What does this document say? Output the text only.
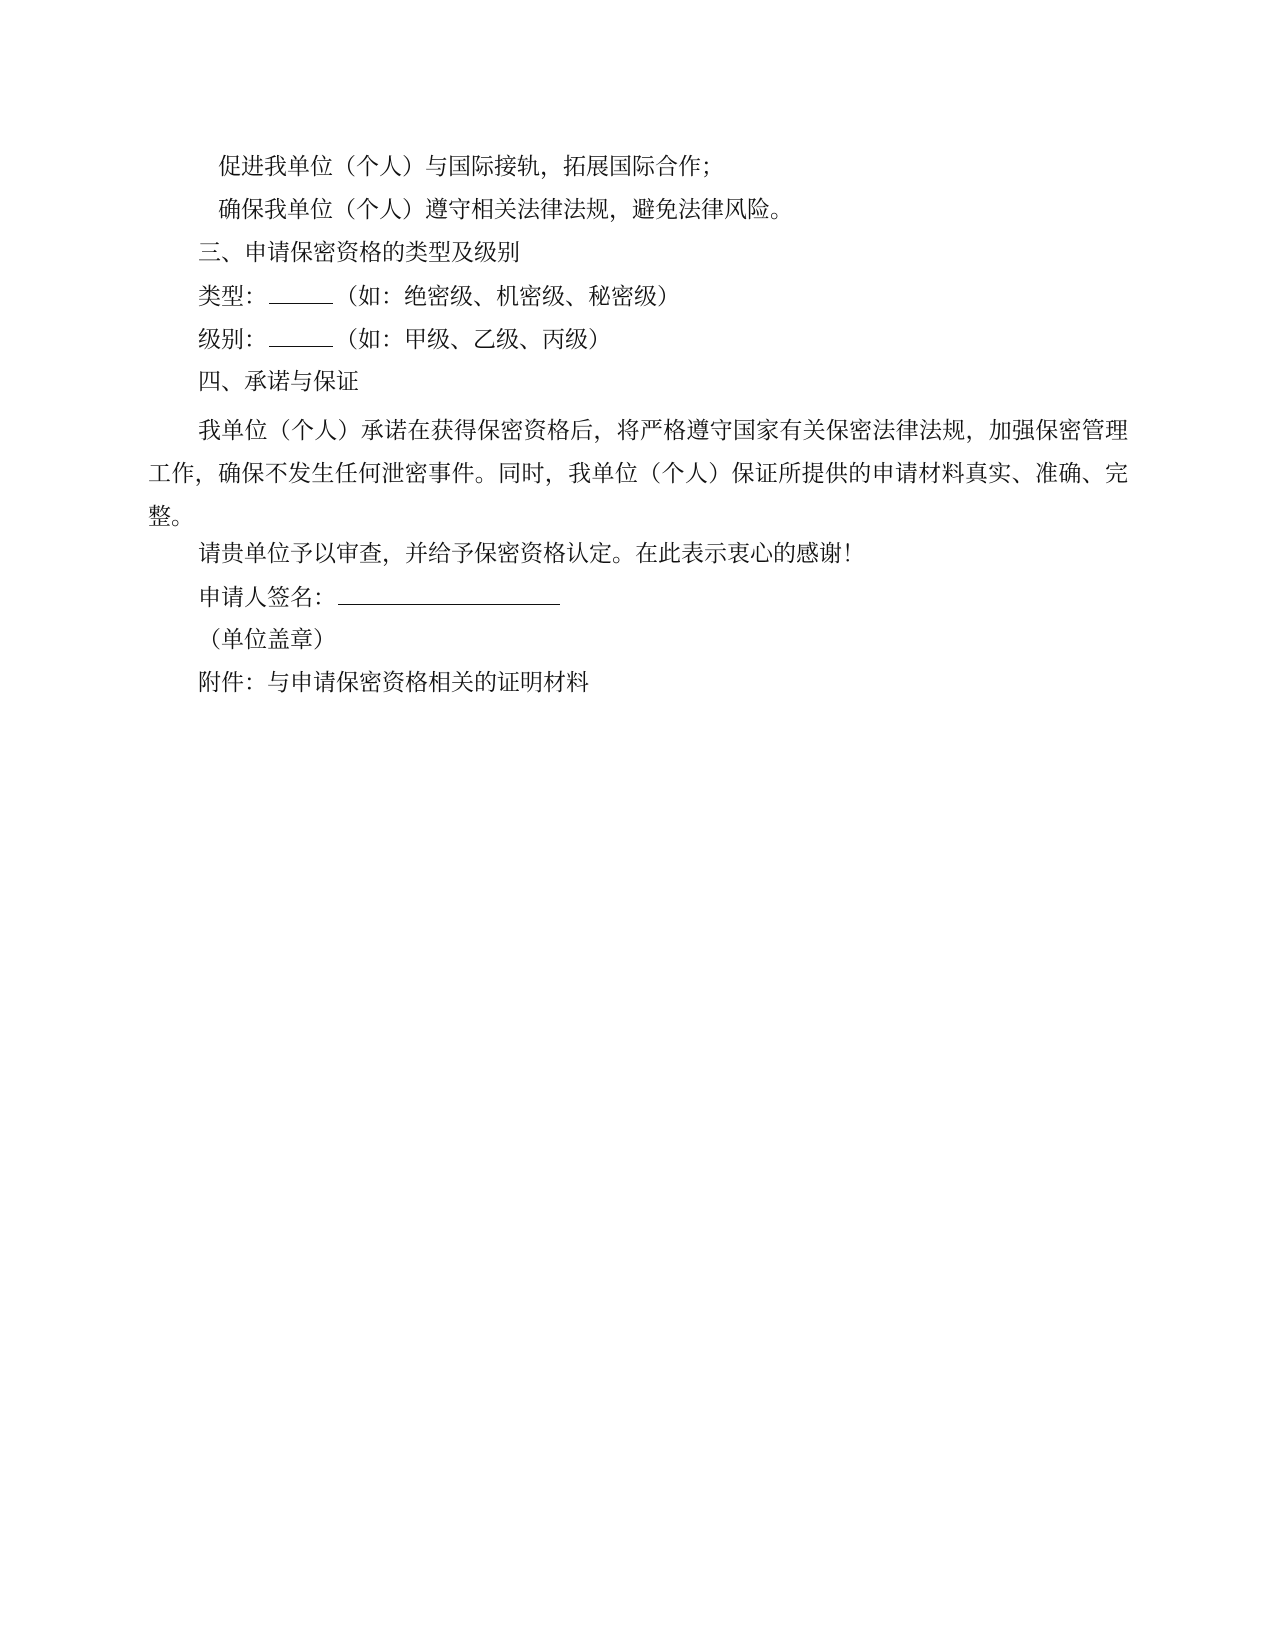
促进我单位（个人）与国际接轨，拓展国际合作；
确保我单位（个人）遵守相关法律法规，避免法律风险。
三、申请保密资格的类型及级别
类型：	（如：绝密级、机密级、秘密级）
级别：	（如：甲级、乙级、丙级）
四、承诺与保证
我单位（个人）承诺在获得保密资格后，将严格遵守国家有关保密法律法规，加强保密管理工作，确保不发生任何泄密事件。同时，我单位（个人）保证所提供的申请材料真实、准确、完整。
请贵单位予以审查，并给予保密资格认定。在此表示衷心的感谢！
申请人签名：
（单位盖章）
附件：与申请保密资格相关的证明材料
